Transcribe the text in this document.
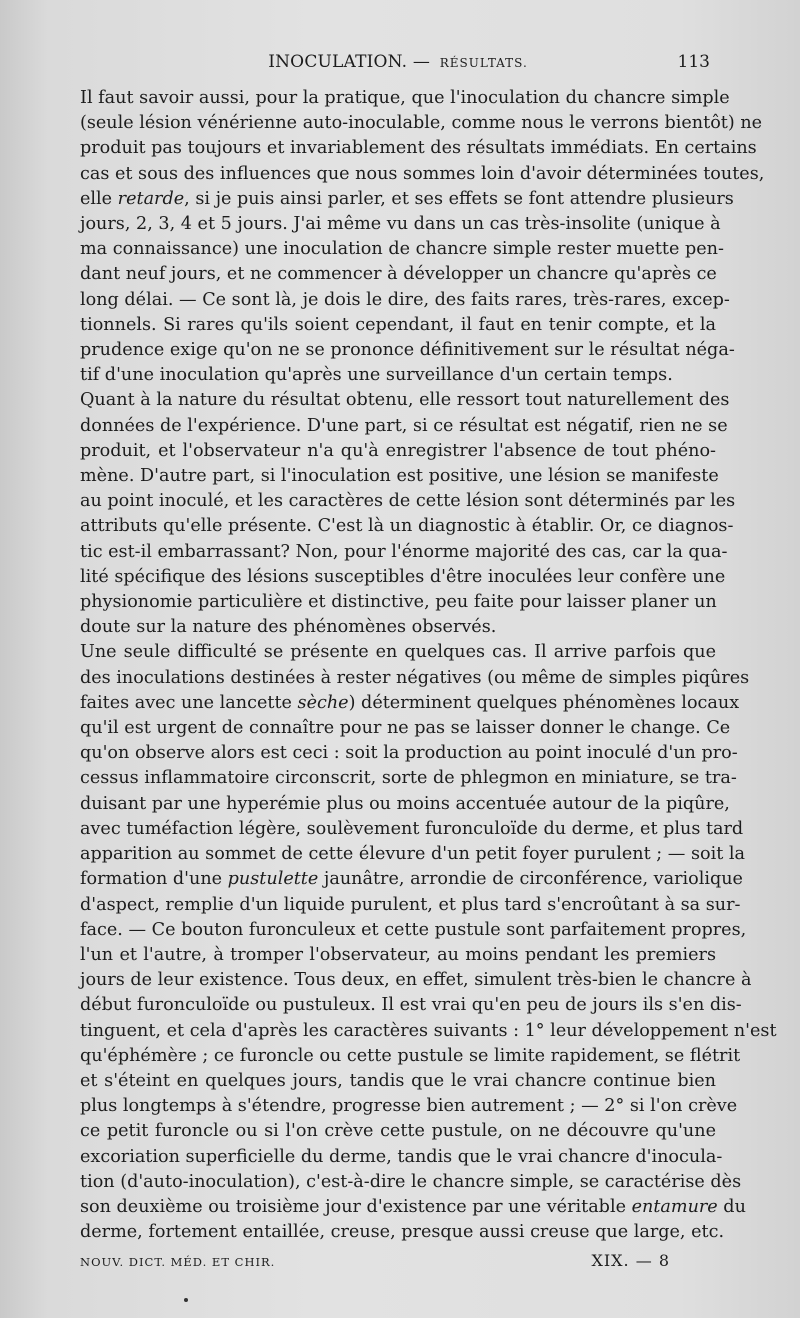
INOCULATION. — RÉSULTATS.	113

Il faut savoir aussi, pour la pratique, que l'inoculation du chancre simple
(seule lésion vénérienne auto-inoculable, comme nous le verrons bientôt) ne
produit pas toujours et invariablement des résultats immédiats. En certains
cas et sous des influences que nous sommes loin d'avoir déterminées toutes,
elle retarde, si je puis ainsi parler, et ses effets se font attendre plusieurs
jours, 2, 3, 4 et 5 jours. J'ai même vu dans un cas très-insolite (unique à
ma connaissance) une inoculation de chancre simple rester muette pen-
dant neuf jours, et ne commencer à développer un chancre qu'après ce
long délai. — Ce sont là, je dois le dire, des faits rares, très-rares, excep-
tionnels. Si rares qu'ils soient cependant, il faut en tenir compte, et la
prudence exige qu'on ne se prononce définitivement sur le résultat néga-
tif d'une inoculation qu'après une surveillance d'un certain temps.

Quant à la nature du résultat obtenu, elle ressort tout naturellement des
données de l'expérience. D'une part, si ce résultat est négatif, rien ne se
produit, et l'observateur n'a qu'à enregistrer l'absence de tout phéno-
mène. D'autre part, si l'inoculation est positive, une lésion se manifeste
au point inoculé, et les caractères de cette lésion sont déterminés par les
attributs qu'elle présente. C'est là un diagnostic à établir. Or, ce diagnos-
tic est-il embarrassant? Non, pour l'énorme majorité des cas, car la qua-
lité spécifique des lésions susceptibles d'être inoculées leur confère une
physionomie particulière et distinctive, peu faite pour laisser planer un
doute sur la nature des phénomènes observés.

Une seule difficulté se présente en quelques cas. Il arrive parfois que
des inoculations destinées à rester négatives (ou même de simples piqûres
faites avec une lancette sèche) déterminent quelques phénomènes locaux
qu'il est urgent de connaître pour ne pas se laisser donner le change. Ce
qu'on observe alors est ceci : soit la production au point inoculé d'un pro-
cessus inflammatoire circonscrit, sorte de phlegmon en miniature, se tra-
duisant par une hyperémie plus ou moins accentuée autour de la piqûre,
avec tuméfaction légère, soulèvement furonculoïde du derme, et plus tard
apparition au sommet de cette élevure d'un petit foyer purulent ; — soit la
formation d'une pustulette jaunâtre, arrondie de circonférence, variolique
d'aspect, remplie d'un liquide purulent, et plus tard s'encroûtant à sa sur-
face. — Ce bouton furonculeux et cette pustule sont parfaitement propres,
l'un et l'autre, à tromper l'observateur, au moins pendant les premiers
jours de leur existence. Tous deux, en effet, simulent très-bien le chancre à
début furonculoïde ou pustuleux. Il est vrai qu'en peu de jours ils s'en dis-
tinguent, et cela d'après les caractères suivants : 1° leur développement n'est
qu'éphémère ; ce furoncle ou cette pustule se limite rapidement, se flétrit
et s'éteint en quelques jours, tandis que le vrai chancre continue bien
plus longtemps à s'étendre, progresse bien autrement ; — 2° si l'on crève
ce petit furoncle ou si l'on crève cette pustule, on ne découvre qu'une
excoriation superficielle du derme, tandis que le vrai chancre d'inocula-
tion (d'auto-inoculation), c'est-à-dire le chancre simple, se caractérise dès
son deuxième ou troisième jour d'existence par une véritable entamure du
derme, fortement entaillée, creuse, presque aussi creuse que large, etc.

NOUV. DICT. MÉD. ET CHIR.	XIX. — 8
